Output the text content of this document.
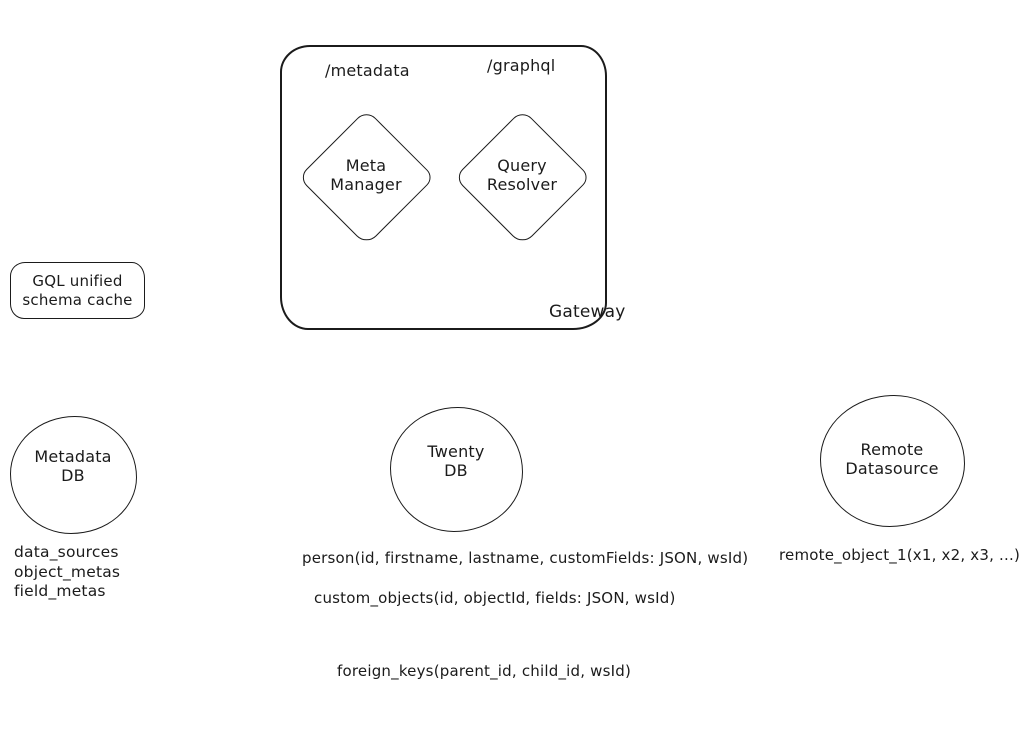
/metadata	/graphql
Gateway
Meta
Manager
Query
Resolver
GQL unified
schema cache
Metadata
DB
data_sources
object_metas
field_metas
Twenty
DB
person(id, firstname, lastname, customFields: JSON, wsId)
custom_objects(id, objectId, fields: JSON, wsId)
foreign_keys(parent_id, child_id, wsId)
Remote
Datasource
remote_object_1(x1, x2, x3, ...)
